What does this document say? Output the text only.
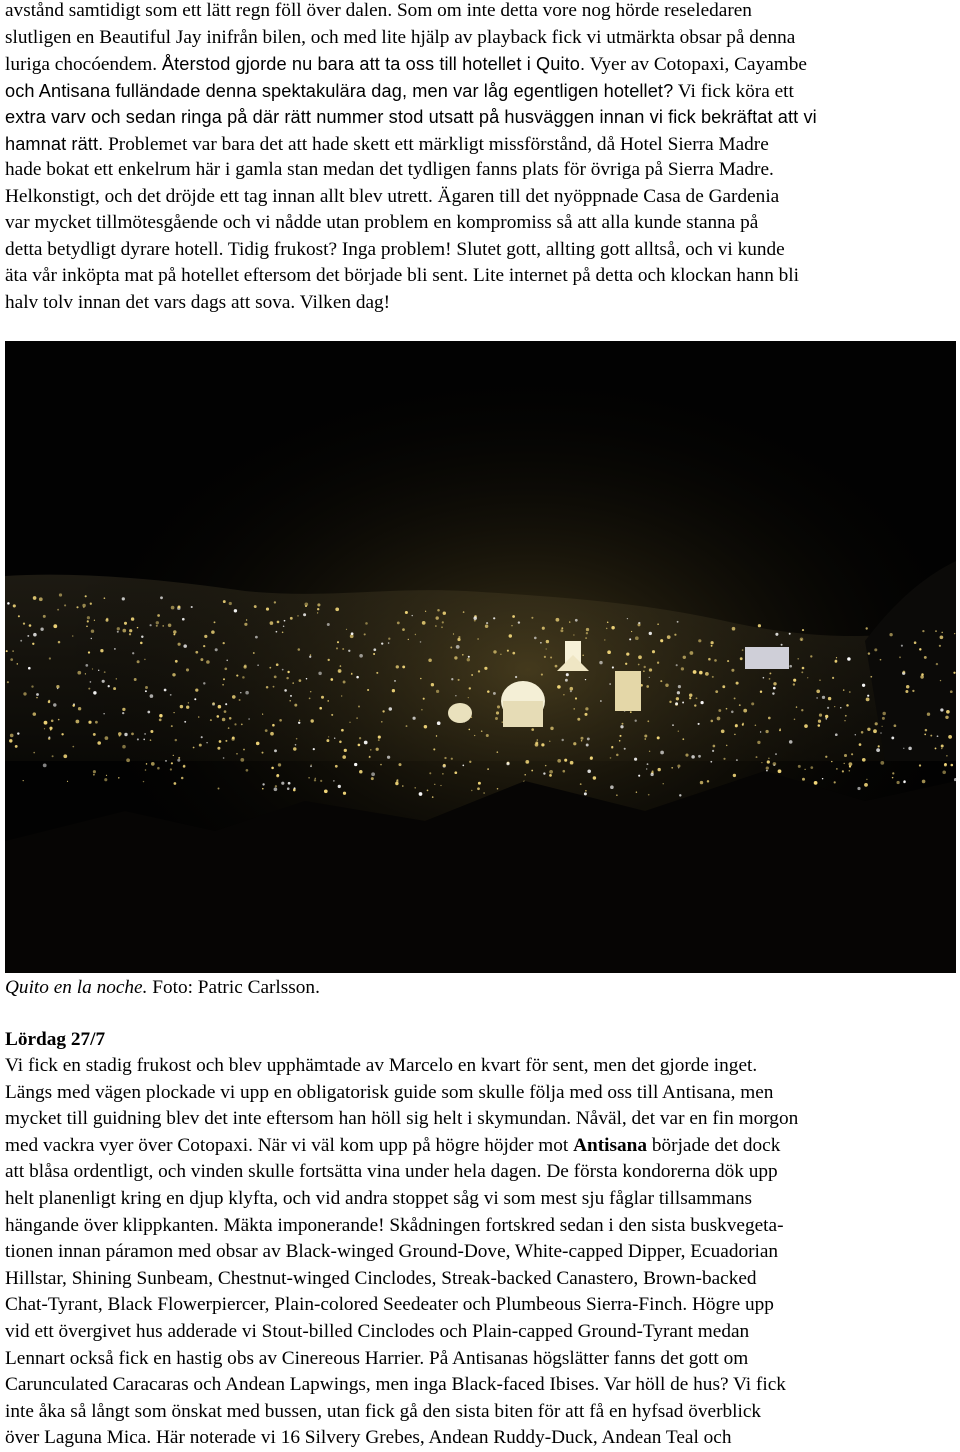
avstånd samtidigt som ett lätt regn föll över dalen. Som om inte detta vore nog hörde reseledaren
slutligen en Beautiful Jay inifrån bilen, och med lite hjälp av playback fick vi utmärkta obsar på denna
luriga chocóendem. Återstod gjorde nu bara att ta oss till hotellet i Quito. Vyer av Cotopaxi, Cayambe
och Antisana fulländade denna spektakulära dag, men var låg egentligen hotellet? Vi fick köra ett
extra varv och sedan ringa på där rätt nummer stod utsatt på husväggen innan vi fick bekräftat att vi
hamnat rätt. Problemet var bara det att hade skett ett märkligt missförstånd, då Hotel Sierra Madre
hade bokat ett enkelrum här i gamla stan medan det tydligen fanns plats för övriga på Sierra Madre.
Helkonstigt, och det dröjde ett tag innan allt blev utrett. Ägaren till det nyöppnade Casa de Gardenia
var mycket tillmötesgående och vi nådde utan problem en kompromiss så att alla kunde stanna på
detta betydligt dyrare hotell. Tidig frukost? Inga problem! Slutet gott, allting gott alltså, och vi kunde
äta vår inköpta mat på hotellet eftersom det började bli sent. Lite internet på detta och klockan hann bli
halv tolv innan det vars dags att sova. Vilken dag!
Quito en la noche. Foto: Patric Carlsson.
Lördag 27/7
Vi fick en stadig frukost och blev upphämtade av Marcelo en kvart för sent, men det gjorde inget.
Längs med vägen plockade vi upp en obligatorisk guide som skulle följa med oss till Antisana, men
mycket till guidning blev det inte eftersom han höll sig helt i skymundan. Nåväl, det var en fin morgon
med vackra vyer över Cotopaxi. När vi väl kom upp på högre höjder mot Antisana började det dock
att blåsa ordentligt, och vinden skulle fortsätta vina under hela dagen. De första kondorerna dök upp
helt planenligt kring en djup klyfta, och vid andra stoppet såg vi som mest sju fåglar tillsammans
hängande över klippkanten. Mäkta imponerande! Skådningen fortskred sedan i den sista buskvegeta-
tionen innan páramon med obsar av Black-winged Ground-Dove, White-capped Dipper, Ecuadorian
Hillstar, Shining Sunbeam, Chestnut-winged Cinclodes, Streak-backed Canastero, Brown-backed
Chat-Tyrant, Black Flowerpiercer, Plain-colored Seedeater och Plumbeous Sierra-Finch. Högre upp
vid ett övergivet hus adderade vi Stout-billed Cinclodes och Plain-capped Ground-Tyrant medan
Lennart också fick en hastig obs av Cinereous Harrier. På Antisanas högslätter fanns det gott om
Carunculated Caracaras och Andean Lapwings, men inga Black-faced Ibises. Var höll de hus? Vi fick
inte åka så långt som önskat med bussen, utan fick gå den sista biten för att få en hyfsad överblick
över Laguna Mica. Här noterade vi 16 Silvery Grebes, Andean Ruddy-Duck, Andean Teal och
